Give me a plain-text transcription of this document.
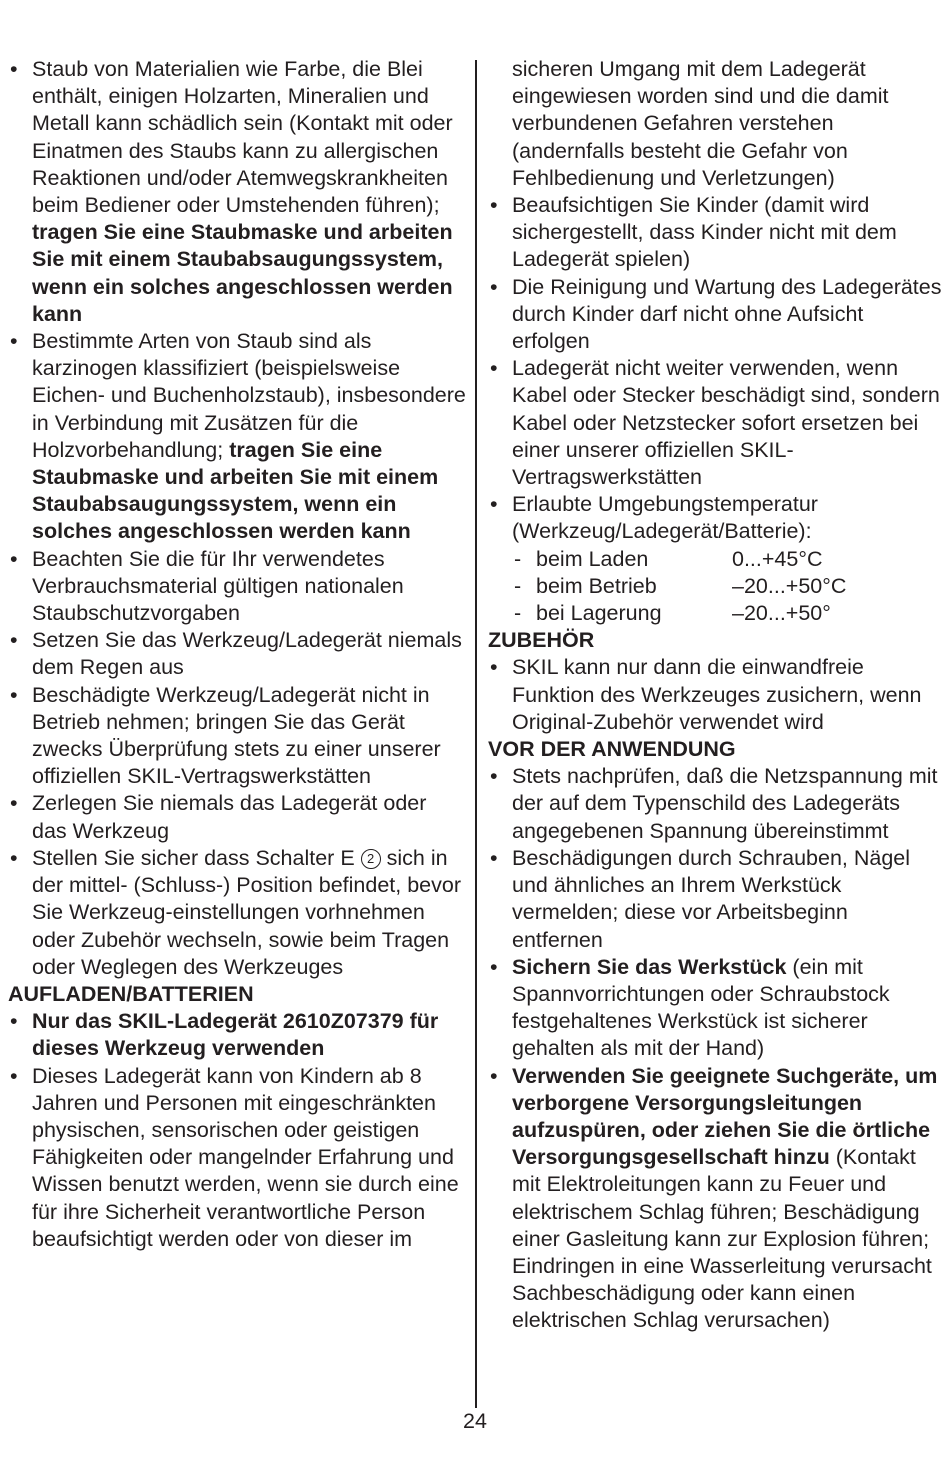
• Staub von Materialien wie Farbe, die Blei enthält, einigen Holzarten, Mineralien und Metall kann schädlich sein (Kontakt mit oder Einatmen des Staubs kann zu allergischen Reaktionen und/oder Atemwegskrankheiten beim Bediener oder Umstehenden führen); tragen Sie eine Staubmaske und arbeiten Sie mit einem Staubabsaugungssystem, wenn ein solches angeschlossen werden kann
• Bestimmte Arten von Staub sind als karzinogen klassifiziert (beispielsweise Eichen- und Buchenholzstaub), insbesondere in Verbindung mit Zusätzen für die Holzvorbehandlung; tragen Sie eine Staubmaske und arbeiten Sie mit einem Staubabsaugungssystem, wenn ein solches angeschlossen werden kann
• Beachten Sie die für Ihr verwendetes Verbrauchsmaterial gültigen nationalen Staubschutzvorgaben
• Setzen Sie das Werkzeug/Ladegerät niemals dem Regen aus
• Beschädigte Werkzeug/Ladegerät nicht in Betrieb nehmen; bringen Sie das Gerät zwecks Überprüfung stets zu einer unserer offiziellen SKIL-Vertragswerkstätten
• Zerlegen Sie niemals das Ladegerät oder das Werkzeug
• Stellen Sie sicher dass Schalter E 2 sich in der mittel- (Schluss-) Position befindet, bevor Sie Werkzeug-einstellungen vorhnehmen oder Zubehör wechseln, sowie beim Tragen oder Weglegen des Werkzeuges
AUFLADEN/BATTERIEN
• Nur das SKIL-Ladegerät 2610Z07379 für dieses Werkzeug verwenden
• Dieses Ladegerät kann von Kindern ab 8 Jahren und Personen mit eingeschränkten physischen, sensorischen oder geistigen Fähigkeiten oder mangelnder Erfahrung und Wissen benutzt werden, wenn sie durch eine für ihre Sicherheit verantwortliche Person beaufsichtigt werden oder von dieser im
sicheren Umgang mit dem Ladegerät eingewiesen worden sind und die damit verbundenen Gefahren verstehen (andernfalls besteht die Gefahr von Fehlbedienung und Verletzungen)
• Beaufsichtigen Sie Kinder (damit wird sichergestellt, dass Kinder nicht mit dem Ladegerät spielen)
• Die Reinigung und Wartung des Ladegerätes durch Kinder darf nicht ohne Aufsicht erfolgen
• Ladegerät nicht weiter verwenden, wenn Kabel oder Stecker beschädigt sind, sondern Kabel oder Netzstecker sofort ersetzen bei einer unserer offiziellen SKIL-Vertragswerkstätten
• Erlaubte Umgebungstemperatur (Werkzeug/Ladegerät/Batterie):
- beim Laden	0...+45°C
- beim Betrieb	–20...+50°C
- bei Lagerung	–20...+50°
ZUBEHÖR
• SKIL kann nur dann die einwandfreie Funktion des Werkzeuges zusichern, wenn Original-Zubehör verwendet wird
VOR DER ANWENDUNG
• Stets nachprüfen, daß die Netzspannung mit der auf dem Typenschild des Ladegeräts angegebenen Spannung übereinstimmt
• Beschädigungen durch Schrauben, Nägel und ähnliches an Ihrem Werkstück vermelden; diese vor Arbeitsbeginn entfernen
• Sichern Sie das Werkstück (ein mit Spannvorrichtungen oder Schraubstock festgehaltenes Werkstück ist sicherer gehalten als mit der Hand)
• Verwenden Sie geeignete Suchgeräte, um verborgene Versorgungsleitungen aufzuspüren, oder ziehen Sie die örtliche Versorgungsgesellschaft hinzu (Kontakt mit Elektroleitungen kann zu Feuer und elektrischem Schlag führen; Beschädigung einer Gasleitung kann zur Explosion führen; Eindringen in eine Wasserleitung verursacht Sachbeschädigung oder kann einen elektrischen Schlag verursachen)
24
